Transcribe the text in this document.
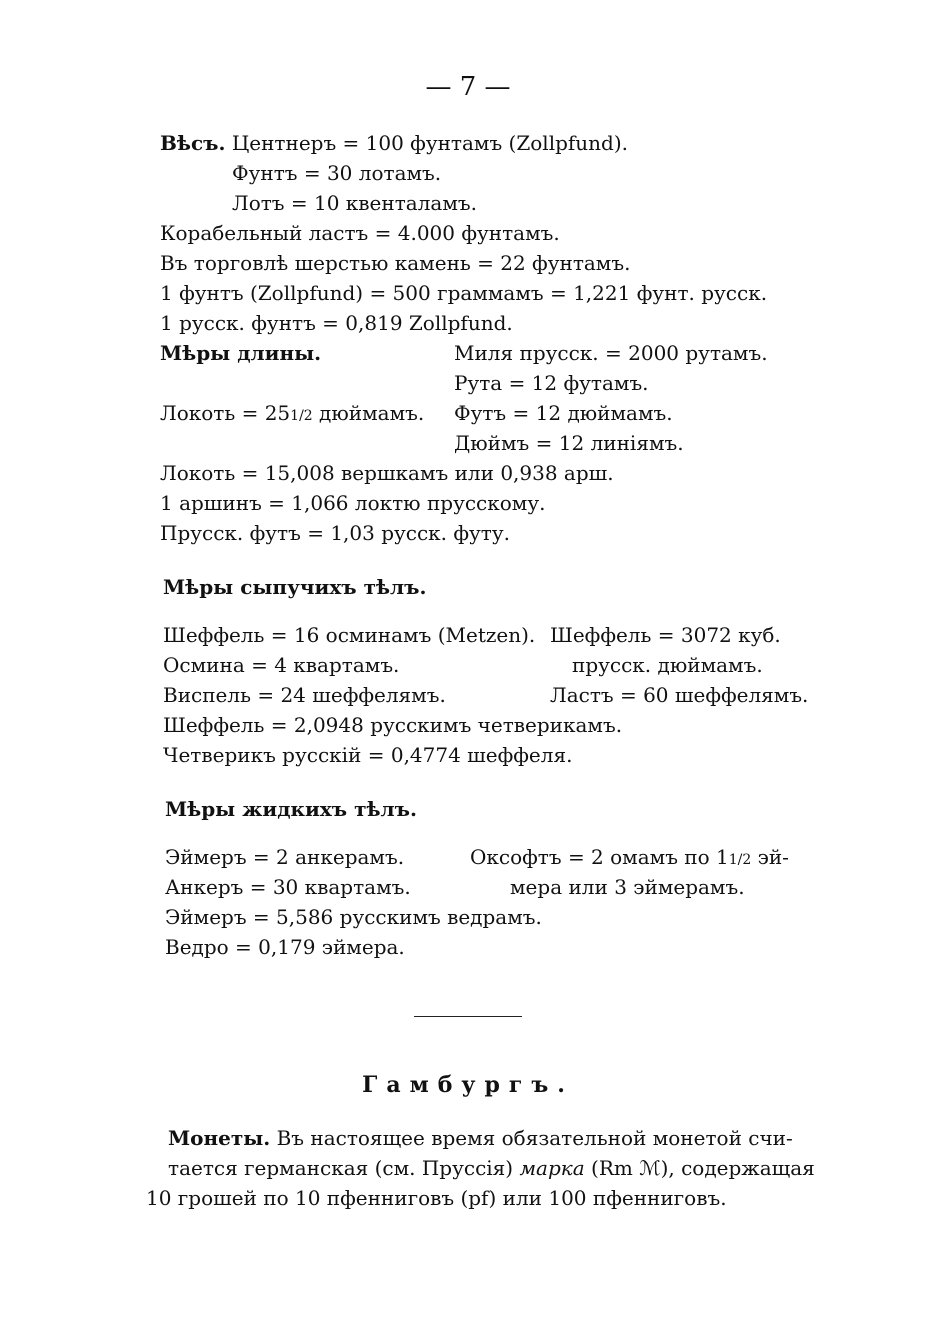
— 7 —
Вѣсъ. Центнеръ = 100 фунтамъ (Zollpfund).
Фунтъ = 30 лотамъ.
Лотъ = 10 квенталамъ.
Корабельный ластъ = 4.000 фунтамъ.
Въ торговлѣ шерстью камень = 22 фунтамъ.
1 фунтъ (Zollpfund) = 500 граммамъ = 1,221 фунт. русск.
1 русск. фунтъ = 0,819 Zollpfund.
Мѣры длины.	Миля прусск. = 2000 рутамъ.
Рута = 12 футамъ.
Локоть = 251/2 дюймамъ. Футъ = 12 дюймамъ.
Дюймъ = 12 линіямъ.
Локоть = 15,008 вершкамъ или 0,938 арш.
1 аршинъ = 1,066 локтю прусскому.
Прусск. футъ = 1,03 русск. футу.
Мѣры сыпучихъ тѣлъ.
Шеффель = 16 осминамъ (Metzen). Шеффель = 3072 куб.
Осмина = 4 квартамъ.	прусск. дюймамъ.
Виспель = 24 шеффелямъ.	Ластъ = 60 шеффелямъ.
Шеффель = 2,0948 русскимъ четверикамъ.
Четверикъ русскій = 0,4774 шеффеля.
Мѣры жидкихъ тѣлъ.
Эймеръ = 2 анкерамъ.	Оксофтъ = 2 омамъ по 11/2 эй-
Анкеръ = 30 квартамъ.	мера или 3 эймерамъ.
Эймеръ = 5,586 русскимъ ведрамъ.
Ведро = 0,179 эймера.
Гамбургъ.
Монеты. Въ настоящее время обязательной монетой счи-
тается германская (см. Пруссія) марка (Rm ℳ), содержащая
10 грошей по 10 пфенниговъ (pf) или 100 пфенниговъ.
